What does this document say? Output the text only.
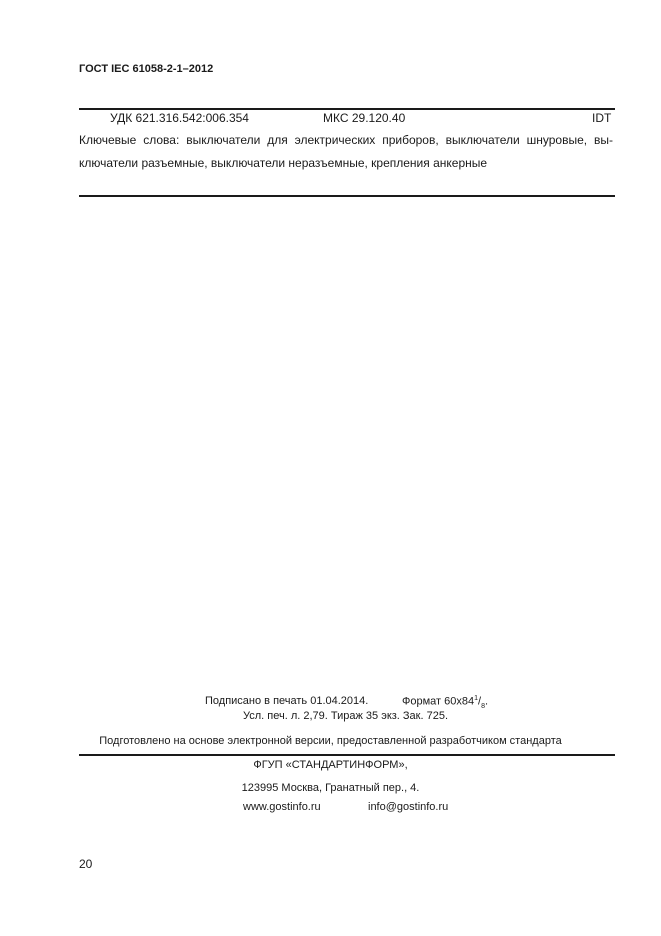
ГОСТ IEC 61058-2-1–2012
УДК 621.316.542:006.354	МКС 29.120.40	IDT
Ключевые слова: выключатели для электрических приборов, выключатели шнуровые, вы-
ключатели разъемные, выключатели неразъемные, крепления анкерные
Подписано в печать 01.04.2014.	Формат $60x84^1/_8$.
Усл. печ. л. 2,79. Тираж 35 экз. Зак. 725.
Подготовлено на основе электронной версии, предоставленной разработчиком стандарта
ФГУП «СТАНДАРТИНФОРМ»,
123995 Москва, Гранатный пер., 4.
www.gostinfo.ru	info@gostinfo.ru
20
